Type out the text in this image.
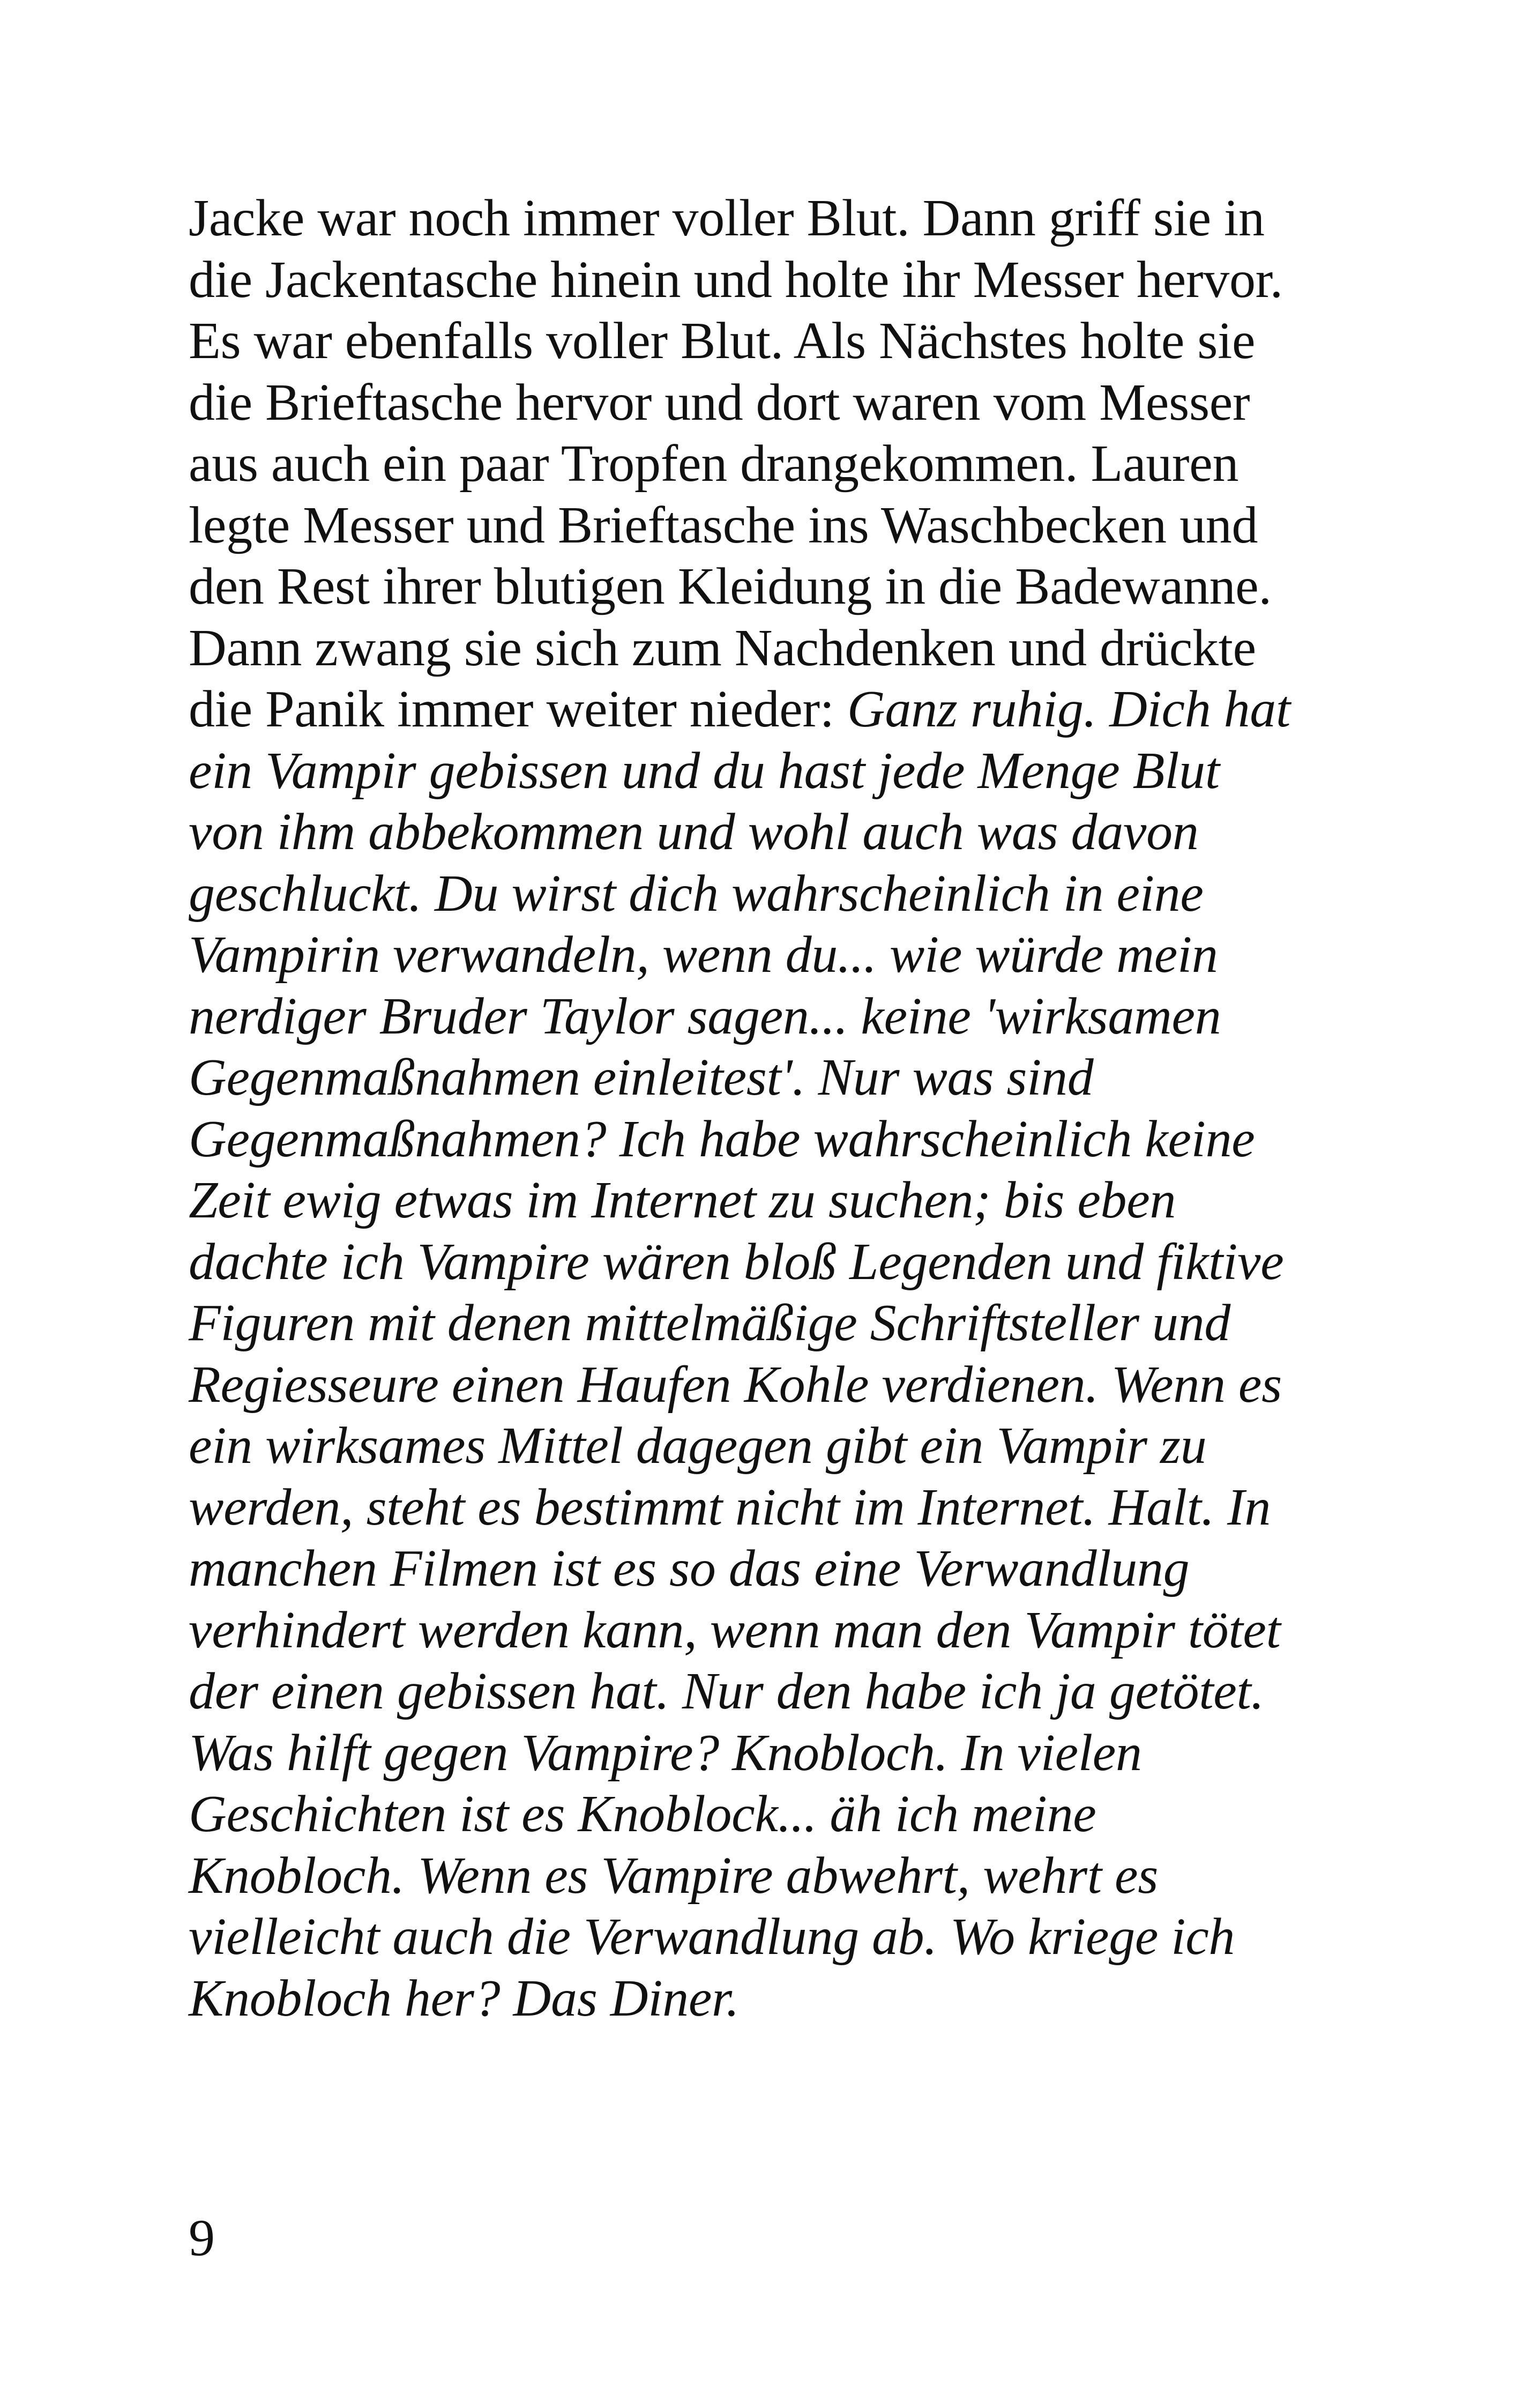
Jacke war noch immer voller Blut. Dann griff sie in
die Jackentasche hinein und holte ihr Messer hervor.
Es war ebenfalls voller Blut. Als Nächstes holte sie
die Brieftasche hervor und dort waren vom Messer
aus auch ein paar Tropfen drangekommen. Lauren
legte Messer und Brieftasche ins Waschbecken und
den Rest ihrer blutigen Kleidung in die Badewanne.
Dann zwang sie sich zum Nachdenken und drückte
die Panik immer weiter nieder: Ganz ruhig. Dich hat
ein Vampir gebissen und du hast jede Menge Blut
von ihm abbekommen und wohl auch was davon
geschluckt. Du wirst dich wahrscheinlich in eine
Vampirin verwandeln, wenn du... wie würde mein
nerdiger Bruder Taylor sagen... keine 'wirksamen
Gegenmaßnahmen einleitest'. Nur was sind
Gegenmaßnahmen? Ich habe wahrscheinlich keine
Zeit ewig etwas im Internet zu suchen; bis eben
dachte ich Vampire wären bloß Legenden und fiktive
Figuren mit denen mittelmäßige Schriftsteller und
Regiesseure einen Haufen Kohle verdienen. Wenn es
ein wirksames Mittel dagegen gibt ein Vampir zu
werden, steht es bestimmt nicht im Internet. Halt. In
manchen Filmen ist es so das eine Verwandlung
verhindert werden kann, wenn man den Vampir tötet
der einen gebissen hat. Nur den habe ich ja getötet.
Was hilft gegen Vampire? Knobloch. In vielen
Geschichten ist es Knoblock... äh ich meine
Knobloch. Wenn es Vampire abwehrt, wehrt es
vielleicht auch die Verwandlung ab. Wo kriege ich
Knobloch her? Das Diner.
9
